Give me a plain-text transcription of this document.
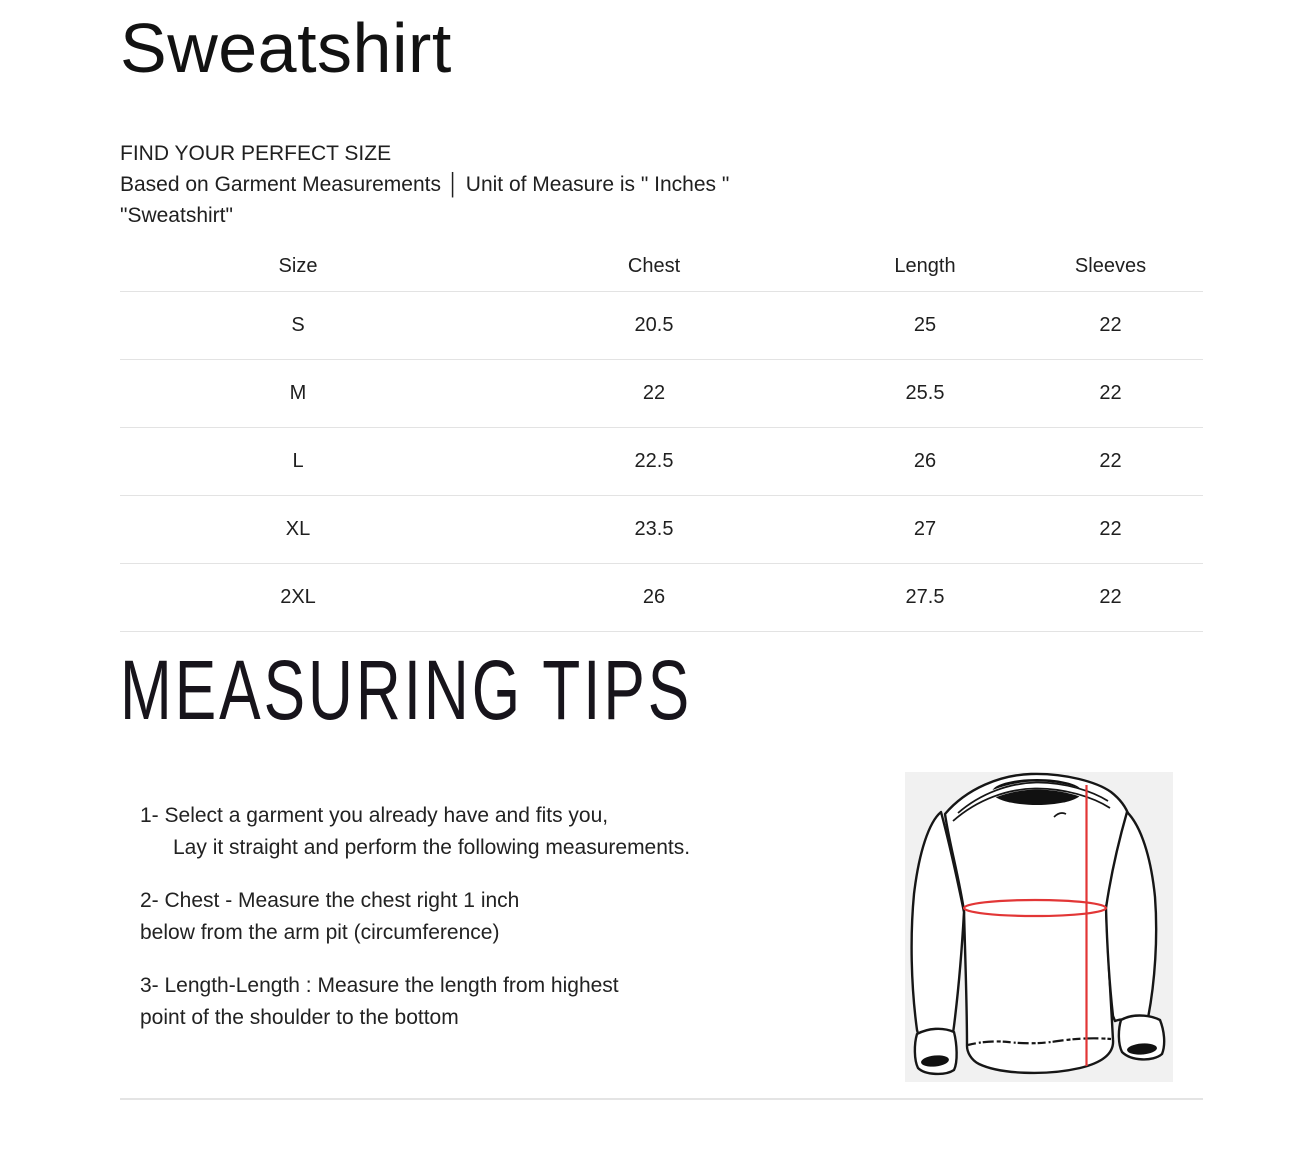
Sweatshirt
FIND YOUR PERFECT SIZE
Based on Garment Measurements │ Unit of Measure is " Inches "
"Sweatshirt"
Size	Chest	Length	Sleeves
S	20.5	25	22
M	22	25.5	22
L	22.5	26	22
XL	23.5	27	22
2XL	26	27.5	22
MEASURING TIPS

1- Select a garment you already have and fits you,
Lay it straight and perform the following measurements.

2- Chest - Measure the chest right 1 inch
below from the arm pit (circumference)

3- Length-Length : Measure the length from highest
point of the shoulder to the bottom
